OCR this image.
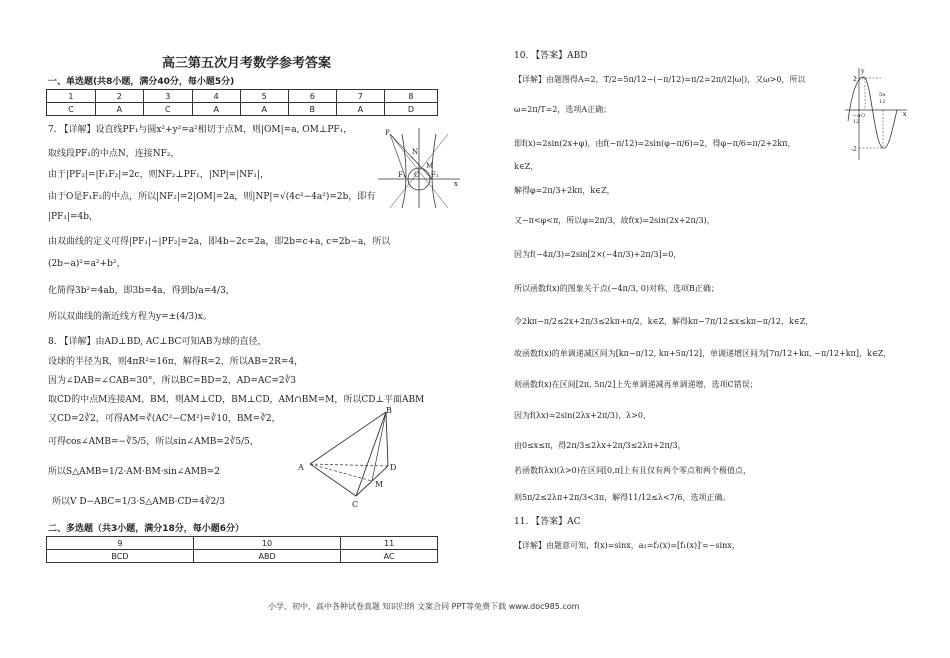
高三第五次月考数学参考答案
一、单选题(共8小题，满分40分，每小题5分)
1	2	3	4	5	6	7	8
C	A	C	A	A	B	A	D
7. 【详解】设直线PF₁与圆x²+y²=a²相切于点M，则|OM|=a, OM⊥PF₁，
取线段PF₁的中点N，连接NF₂，
由于|PF₂|=|F₁F₂|=2c，则NF₂⊥PF₁，|NP|=|NF₁|，
由于O是F₁F₂的中点，所以|NF₂|=2|OM|=2a，则|NP|=√(4c²−4a²)=2b，即有
|PF₁|=4b，
由双曲线的定义可得|PF₁|−|PF₂|=2a，即4b−2c=2a，即2b=c+a, c=2b−a，所以
(2b−a)²=a²+b²，
化简得3b²=4ab，即3b=4a，得到b/a=4/3，
所以双曲线的渐近线方程为y=±(4/3)x。
P
F₁ O F₂
N
M
x
8. 【详解】由AD⊥BD, AC⊥BC可知AB为球的直径，
设球的半径为R，则4πR²=16π，解得R=2，所以AB=2R=4，
因为∠DAB=∠CAB=30°，所以BC=BD=2，AD=AC=2∛3
取CD的中点M连接AM、BM，则AM⊥CD，BM⊥CD，AM∩BM=M，所以CD⊥平面ABM
又CD=2∛2，可得AM=∛(AC²−CM²)=∛10，BM=∛2，
可得cos∠AMB=−∛5/5，所以sin∠AMB=2∛5/5，
所以S△AMB=1/2·AM·BM·sin∠AMB=2
所以V D−ABC=1/3·S△AMB·CD=4∛2/3
A
B
C
D
M
二、多选题（共3小题，满分18分，每小题6分）
9	10	11
BCD	ABD	AC
10. 【答案】ABD
【详解】由题图得A=2，T/2=5π/12−(−π/12)=π/2=2π/(2|ω|)，又ω>0，所以
ω=2π/T=2，选项A正确；
即f(x)=2sin(2x+φ)，由f(−π/12)=2sin(φ−π/6)=2，得φ−π/6=π/2+2kπ，
k∈Z，
解得φ=2π/3+2kπ，k∈Z，
又−π<φ<π，所以φ=2π/3，故f(x)=2sin(2x+2π/3)，
因为f(−4π/3)=2sin[2×(−4π/3)+2π/3]=0，
所以函数f(x)的图象关于点(−4π/3, 0)对称，选项B正确；
令2kπ−π/2≤2x+2π/3≤2kπ+π/2，k∈Z，解得kπ−7π/12≤x≤kπ−π/12，k∈Z，
故函数f(x)的单调递减区间为[kπ−π/12, kπ+5π/12]，单调递增区间为[7π/12+kπ, −π/12+kπ]，k∈Z，
则函数f(x)在区间[2π, 5π/2]上先单调递减再单调递增，选项C错误；
因为f(λx)=2sin(2λx+2π/3)，λ>0，
由0≤x≤π，得2π/3≤2λx+2π/3≤2λπ+2π/3，
若函数f(λx)(λ>0)在区间[0,π]上有且仅有两个零点和两个极值点，
则5π/2≤2λπ+2π/3<3π，解得11/12≤λ<7/6，选项正确。
11. 【答案】AC
【详解】由题意可知，f(x)=sinx，a₁=f₂(x)=[f₁(x)]′=−sinx，
2
-2
5π
12
−π
12
O	x
y
小学、初中、高中各种试卷真题 知识归纳 文案合同 PPT等免费下载 www.doc985.com
